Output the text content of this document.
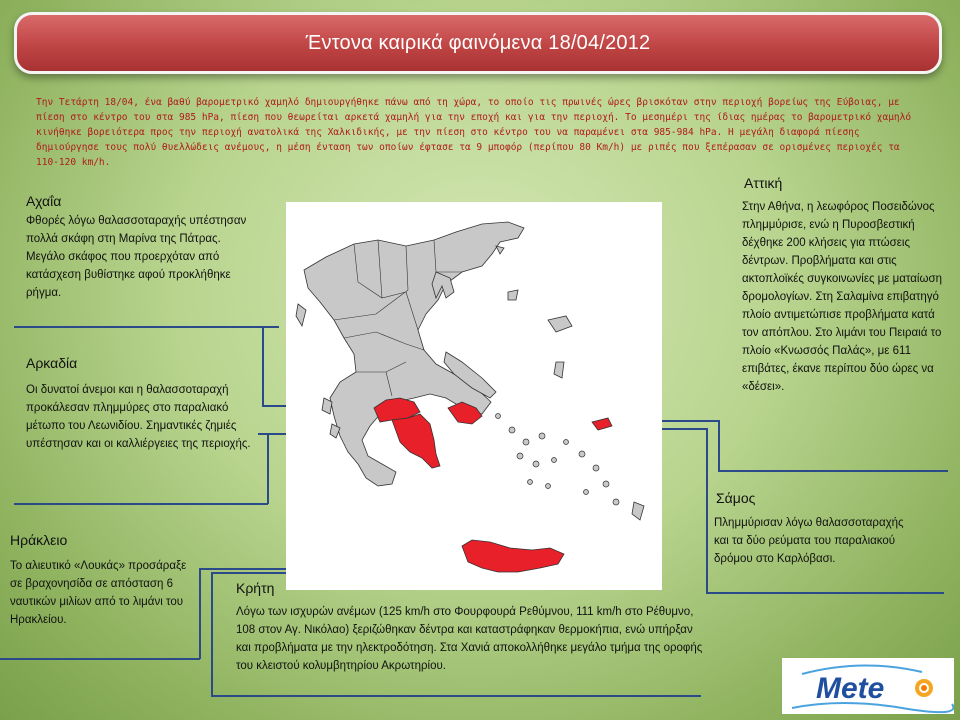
Έντονα καιρικά φαινόμενα 18/04/2012
Την Τετάρτη 18/04, ένα βαθύ βαρομετρικό χαμηλό δημιουργήθηκε πάνω από τη χώρα, το οποίο τις πρωινές ώρες βρισκόταν στην περιοχή βορείως της Εύβοιας, με πίεση στο κέντρο του στα 985 hPa, πίεση που θεωρείται αρκετά χαμηλή για την εποχή και για την περιοχή. Το μεσημέρι της ίδιας ημέρας το βαρομετρικό χαμηλό κινήθηκε βορειότερα προς την περιοχή ανατολικά της Χαλκιδικής, με την πίεση στο κέντρο του να παραμένει στα 985-984 hPa. Η μεγάλη διαφορά πίεσης δημιούργησε τους πολύ θυελλώδεις ανέμους, η μέση ένταση των οποίων έφτασε τα 9 μποφόρ (περίπου 80 Km/h) με ριπές που ξεπέρασαν σε ορισμένες περιοχές τα 110-120 km/h.
Αχαΐα
Φθορές λόγω θαλασσοταραχής υπέστησαν πολλά σκάφη στη Μαρίνα της Πάτρας. Μεγάλο σκάφος που προερχόταν από κατάσχεση βυθίστηκε αφού προκλήθηκε ρήγμα.
Αρκαδία
Οι δυνατοί άνεμοι και η θαλασσοταραχή προκάλεσαν πλημμύρες στο παραλιακό μέτωπο του Λεωνιδίου. Σημαντικές ζημιές υπέστησαν και οι καλλιέργειες της περιοχής.
Ηράκλειο
Το αλιευτικό «Λουκάς» προσάραξε σε βραχονησίδα σε απόσταση 6 ναυτικών μιλίων από το λιμάνι του Ηρακλείου.
Κρήτη
Λόγω των ισχυρών ανέμων (125 km/h στο Φουρφουρά Ρεθύμνου, 111 km/h στο Ρέθυμνο, 108 στον Αγ. Νικόλαο) ξεριζώθηκαν δέντρα και καταστράφηκαν θερμοκήπια, ενώ υπήρξαν και προβλήματα με την ηλεκτροδότηση. Στα Χανιά αποκολλήθηκε μεγάλο τμήμα της οροφής του κλειστού κολυμβητηρίου Ακρωτηρίου.
Αττική
Στην Αθήνα, η λεωφόρος Ποσειδώνος πλημμύρισε, ενώ η Πυροσβεστική δέχθηκε 200 κλήσεις για πτώσεις δέντρων. Προβλήματα και στις ακτοπλοϊκές συγκοινωνίες με ματαίωση δρομολογίων. Στη Σαλαμίνα επιβατηγό πλοίο αντιμετώπισε προβλήματα κατά τον απόπλου. Στο λιμάνι του Πειραιά το πλοίο «Κνωσσός Παλάς», με 611 επιβάτες, έκανε περίπου δύο ώρες να «δέσει».
Σάμος
Πλημμύρισαν λόγω θαλασσοταραχής και τα δύο ρεύματα του παραλιακού δρόμου στο Καρλόβασι.
Mete
